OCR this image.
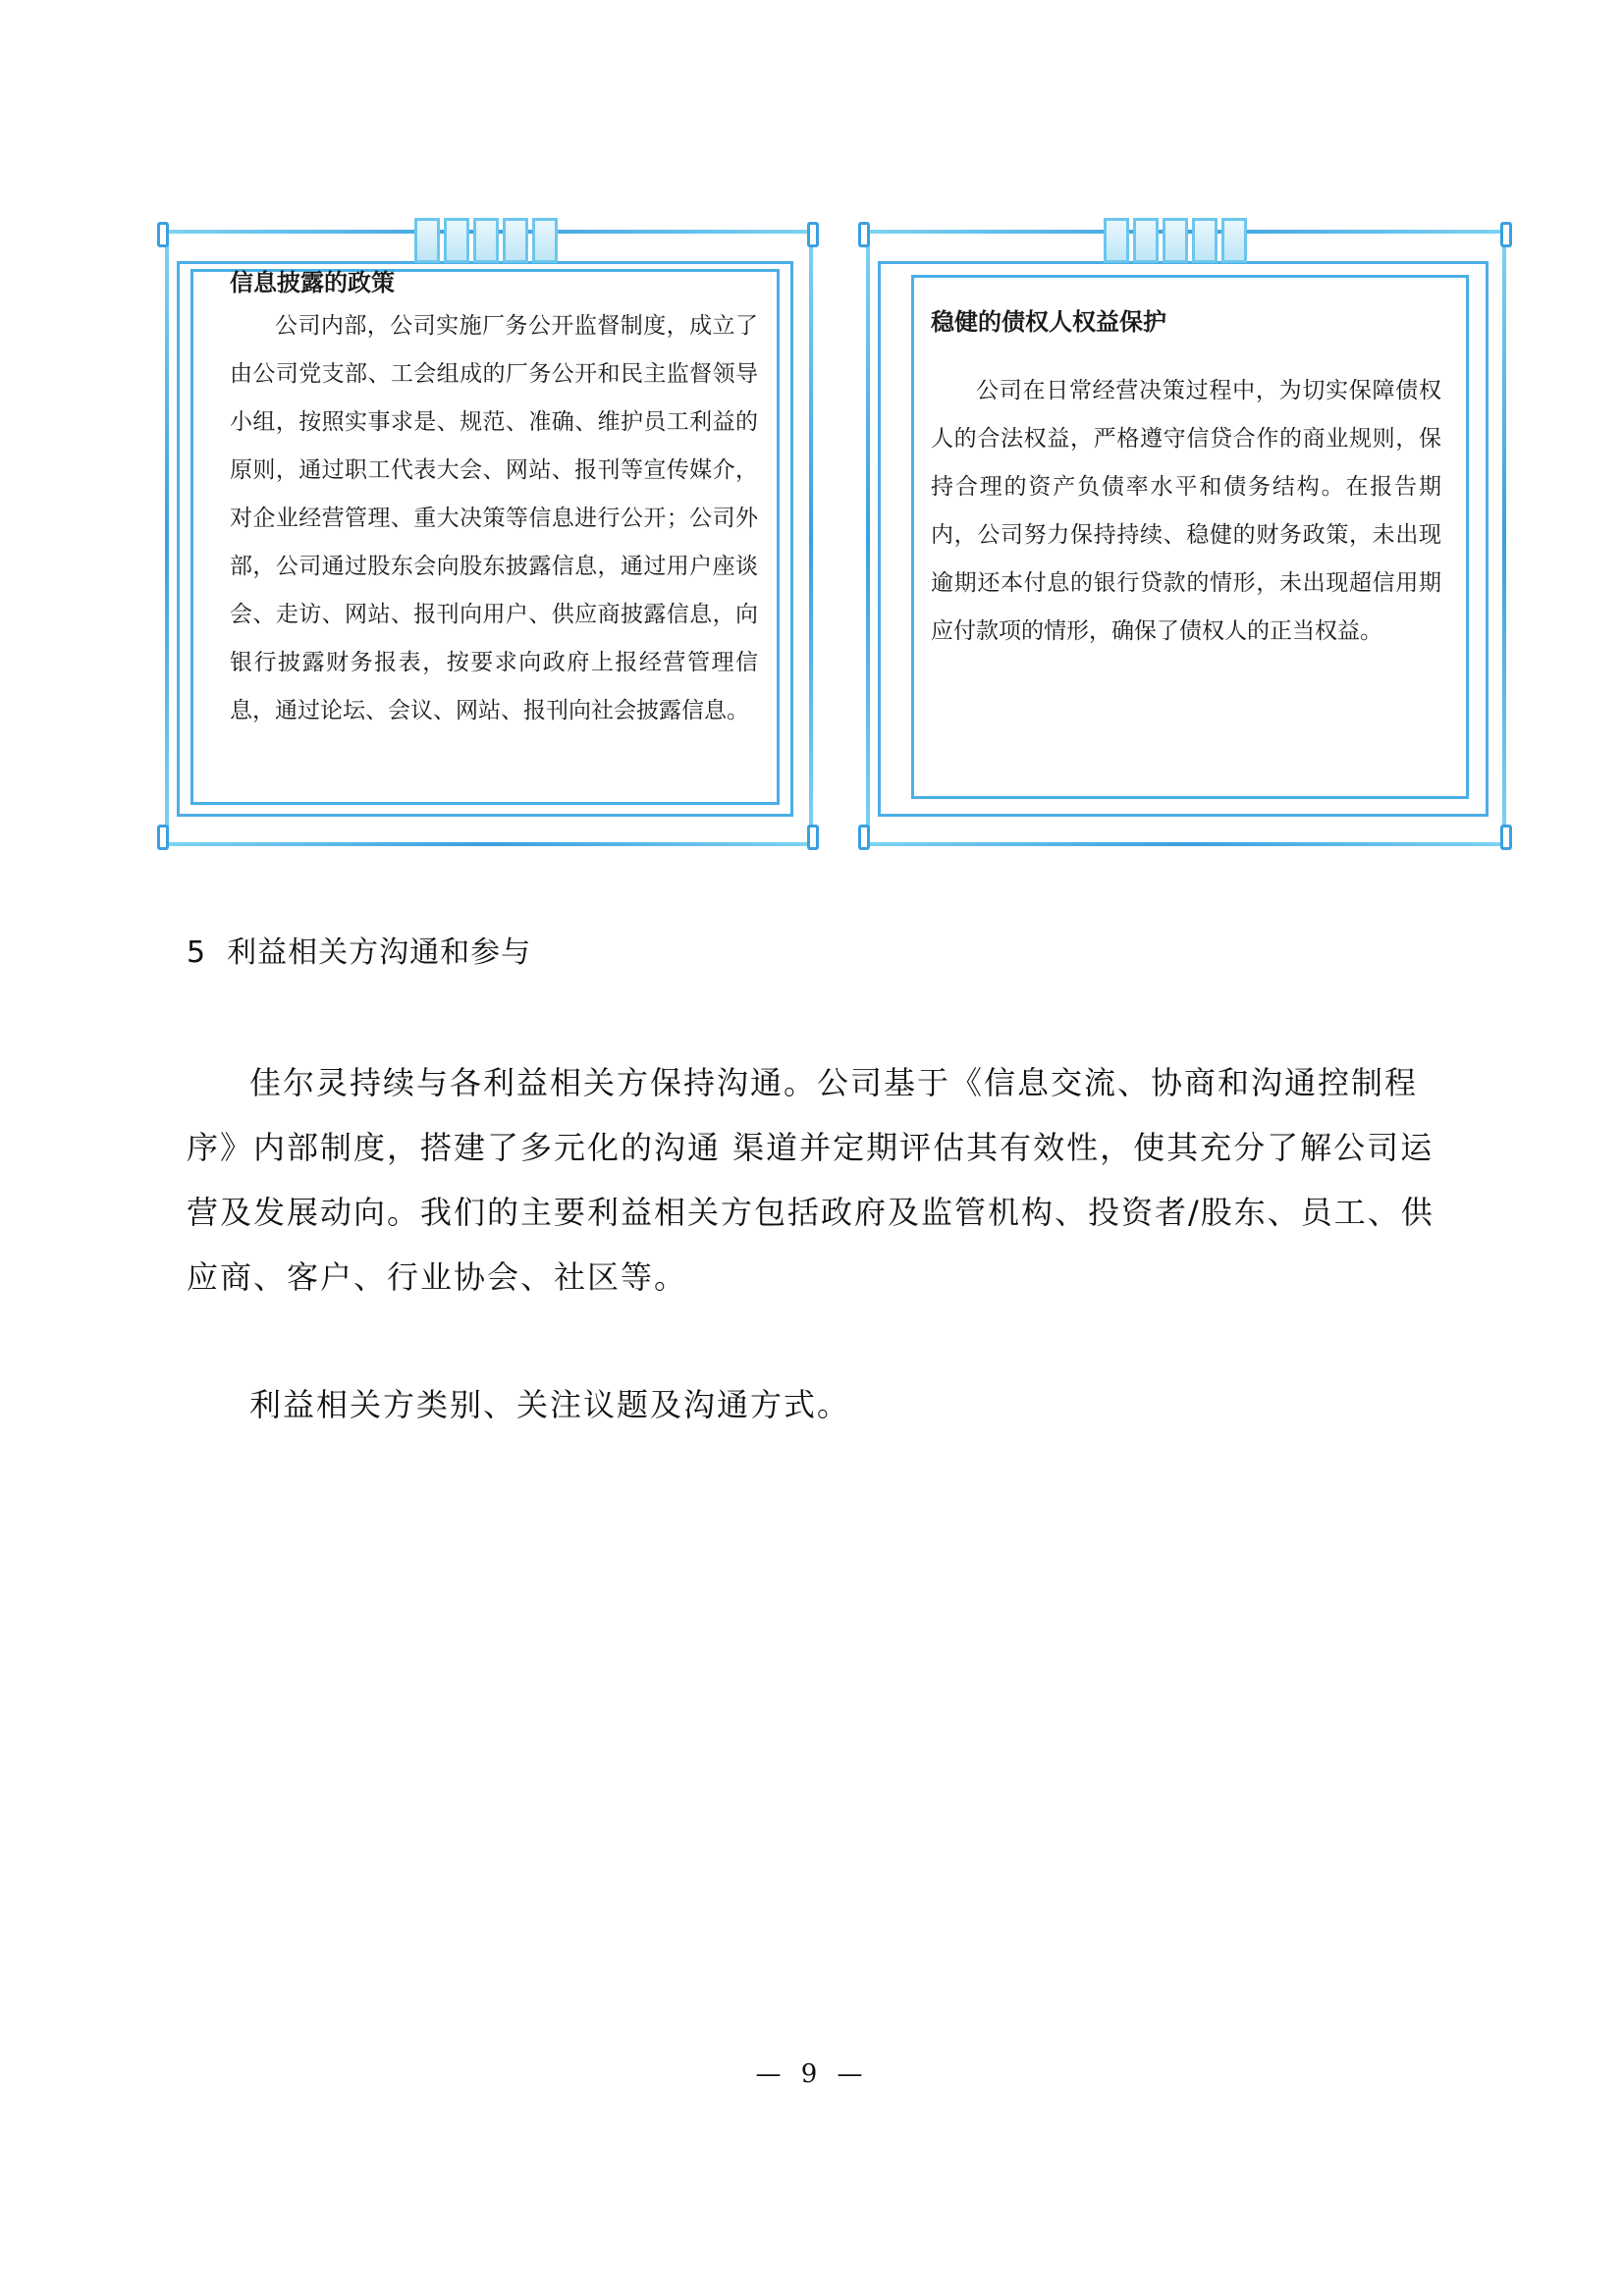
信息披露的政策
公司内部，公司实施厂务公开监督制度，成立了由公司党支部、工会组成的厂务公开和民主监督领导小组，按照实事求是、规范、准确、维护员工利益的原则，通过职工代表大会、网站、报刊等宣传媒介，对企业经营管理、重大决策等信息进行公开；公司外部，公司通过股东会向股东披露信息，通过用户座谈会、走访、网站、报刊向用户、供应商披露信息，向银行披露财务报表，按要求向政府上报经营管理信息，通过论坛、会议、网站、报刊向社会披露信息。
稳健的债权人权益保护
公司在日常经营决策过程中，为切实保障债权人的合法权益，严格遵守信贷合作的商业规则，保持合理的资产负债率水平和债务结构。在报告期内，公司努力保持持续、稳健的财务政策，未出现逾期还本付息的银行贷款的情形，未出现超信用期应付款项的情形，确保了债权人的正当权益。
5  利益相关方沟通和参与
佳尔灵持续与各利益相关方保持沟通。公司基于《信息交流、协商和沟通控制程序》内部制度，搭建了多元化的沟通 渠道并定期评估其有效性，使其充分了解公司运营及发展动向。我们的主要利益相关方包括政府及监管机构、投资者/股东、员工、供应商、客户、行业协会、社区等。
利益相关方类别、关注议题及沟通方式。
— 9 —
